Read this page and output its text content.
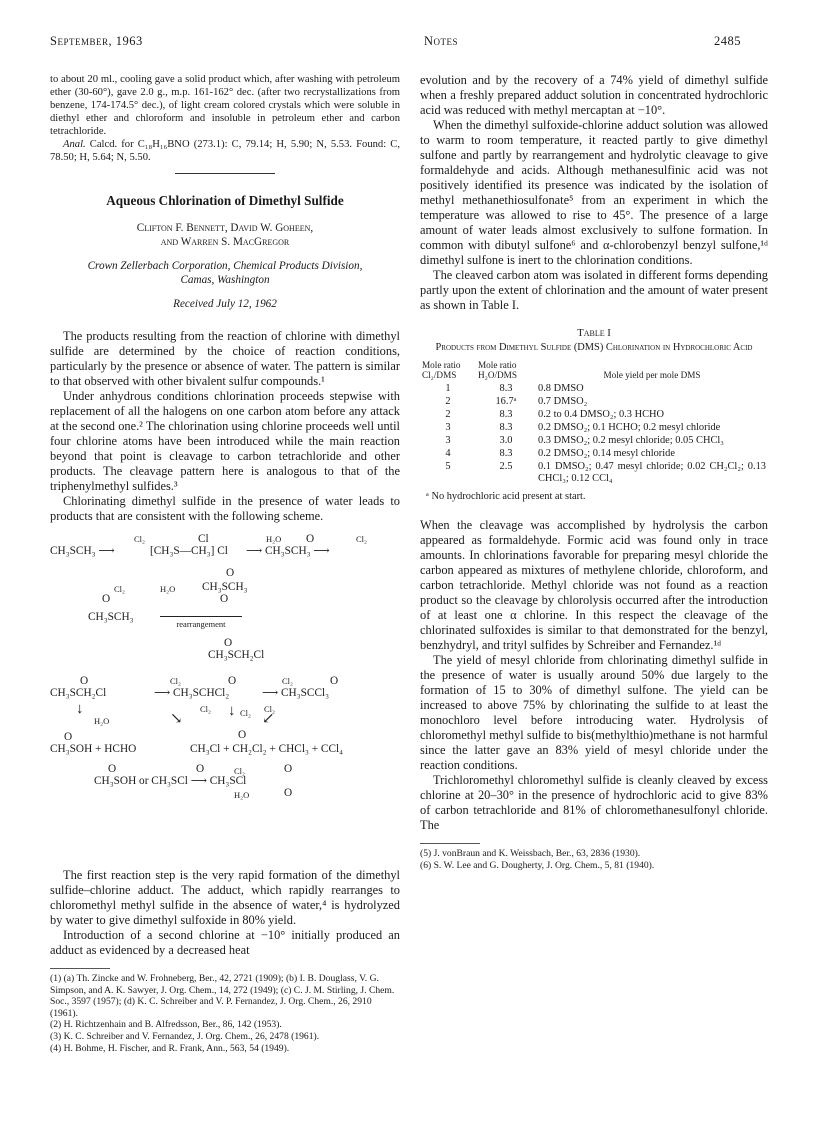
September, 1963	Notes	2485

to about 20 ml., cooling gave a solid product which, after washing with petroleum ether (30-60°), gave 2.0 g., m.p. 161-162° dec. (after two recrystallizations from benzene, 174-174.5° dec.), of light cream colored crystals which were soluble in diethyl ether and chloroform and insoluble in petroleum ether and carbon tetrachloride.

Anal. Calcd. for C₁₈H₁₆BNO (273.1): C, 79.14; H, 5.90; N, 5.53. Found: C, 78.50; H, 5.64; N, 5.50.

Aqueous Chlorination of Dimethyl Sulfide
Clifton F. Bennett, David W. Goheen,
and Warren S. MacGregor
Crown Zellerbach Corporation, Chemical Products Division,
Camas, Washington
Received July 12, 1962

The products resulting from the reaction of chlorine with dimethyl sulfide are determined by the choice of reaction conditions, particularly by the presence or absence of water. The pattern is similar to that observed with other bivalent sulfur compounds.¹

Under anhydrous conditions chlorination proceeds stepwise with replacement of all the halogens on one carbon atom before any attack at the second one.² The chlorination using chlorine proceeds well until four chlorine atoms have been introduced while the main reaction beyond that point is cleavage to carbon tetrachloride and other products. The cleavage pattern here is analogous to that of the triphenylmethyl sulfides.³

Chlorinating dimethyl sulfide in the presence of water leads to products that are consistent with the following scheme.

Cl₂
CH₃SCH₃ ⟶
Cl
[CH₃S—CH₃] Cl
H₂O O	Cl₂
⟶ CH₃SCH₃ ⟶
O
Cl₂	H₂O CH₃SCH₃
O	O
CH₃SCH₃
rearrangement
O
CH₃SCH₂Cl
O	Cl₂	O	Cl₂	O
CH₃SCH₂Cl	⟶ CH₃SCHCl₂	⟶ CH₃SCCl₃
↓
H₂O
Cl₂	Cl₂ Cl₂
↓
↘	↙
O	O
CH₃SOH + HCHO	CH₃Cl + CH₂Cl₂ + CHCl₃ + CCl₄
O	O	Cl₂	O
CH₃SOH or CH₃SCl ⟶ CH₃SCl
H₂O	O

The first reaction step is the very rapid formation of the dimethyl sulfide–chlorine adduct. The adduct, which rapidly rearranges to chloromethyl methyl sulfide in the absence of water,⁴ is hydrolyzed by water to give dimethyl sulfoxide in 80% yield.

Introduction of a second chlorine at −10° initially produced an adduct as evidenced by a decreased heat

(1) (a) Th. Zincke and W. Frohneberg, Ber., 42, 2721 (1909); (b) I. B. Douglass, V. G. Simpson, and A. K. Sawyer, J. Org. Chem., 14, 272 (1949); (c) C. J. M. Stirling, J. Chem. Soc., 3597 (1957); (d) K. C. Schreiber and V. P. Fernandez, J. Org. Chem., 26, 2910 (1961).

(2) H. Richtzenhain and B. Alfredsson, Ber., 86, 142 (1953).

(3) K. C. Schreiber and V. Fernandez, J. Org. Chem., 26, 2478 (1961).

(4) H. Bohme, H. Fischer, and R. Frank, Ann., 563, 54 (1949).

evolution and by the recovery of a 74% yield of dimethyl sulfide when a freshly prepared adduct solution in concentrated hydrochloric acid was reduced with methyl mercaptan at −10°.

When the dimethyl sulfoxide-chlorine adduct solution was allowed to warm to room temperature, it reacted partly to give dimethyl sulfone and partly by rearrangement and hydrolytic cleavage to give formaldehyde and acids. Although methanesulfinic acid was not positively identified its presence was indicated by the isolation of methyl methanethiosulfonate⁵ from an experiment in which the temperature was allowed to rise to 45°. The presence of a large amount of water leads almost exclusively to sulfone formation. In common with dibutyl sulfone⁶ and α-chlorobenzyl benzyl sulfone,¹ᵈ dimethyl sulfone is inert to the chlorination conditions.

The cleaved carbon atom was isolated in different forms depending partly upon the extent of chlorination and the amount of water present as shown in Table I.

Table I
Products from Dimethyl Sulfide (DMS) Chlorination in Hydrochloric Acid
Mole ratio Cl₂/DMS	Mole ratio H₂O/DMS	Mole yield per mole DMS
1	8.3	0.8 DMSO
2	16.7ᵃ	0.7 DMSO₂
2	8.3	0.2 to 0.4 DMSO₂; 0.3 HCHO
3	8.3	0.2 DMSO₂; 0.1 HCHO; 0.2 mesyl chloride
3	3.0	0.3 DMSO₂; 0.2 mesyl chloride; 0.05 CHCl₃
4	8.3	0.2 DMSO₂; 0.14 mesyl chloride
5	2.5	0.1 DMSO₂; 0.47 mesyl chloride; 0.02 CH₂Cl₂; 0.13 CHCl₃; 0.12 CCl₄
ᵃ No hydrochloric acid present at start.

When the cleavage was accomplished by hydrolysis the carbon appeared as formaldehyde. Formic acid was found only in trace amounts. In chlorinations favorable for preparing mesyl chloride the carbon appeared as mixtures of methylene chloride, chloroform, and carbon tetrachloride. Methyl chloride was not found as a reaction product so the cleavage by chlorolysis occurred after the introduction of at least one α chlorine. In this respect the cleavage of the chlorinated sulfoxides is similar to that demonstrated for the benzyl, benzhydryl, and trityl sulfides by Schreiber and Fernandez.¹ᵈ

The yield of mesyl chloride from chlorinating dimethyl sulfide in the presence of water is usually around 50% due largely to the formation of 15 to 30% of dimethyl sulfone. The yield can be increased to above 75% by chlorinating the sulfide to at least the monochloro level before introducing water. Hydrolysis of chloromethyl methyl sulfide to bis(methylthio)methane is not harmful since the latter gave an 83% yield of mesyl chloride under the reaction conditions.

Trichloromethyl chloromethyl sulfide is cleanly cleaved by excess chlorine at 20–30° in the presence of hydrochloric acid to give 83% of carbon tetrachloride and 81% of chloromethanesulfonyl chloride. The

(5) J. vonBraun and K. Weissbach, Ber., 63, 2836 (1930).

(6) S. W. Lee and G. Dougherty, J. Org. Chem., 5, 81 (1940).
